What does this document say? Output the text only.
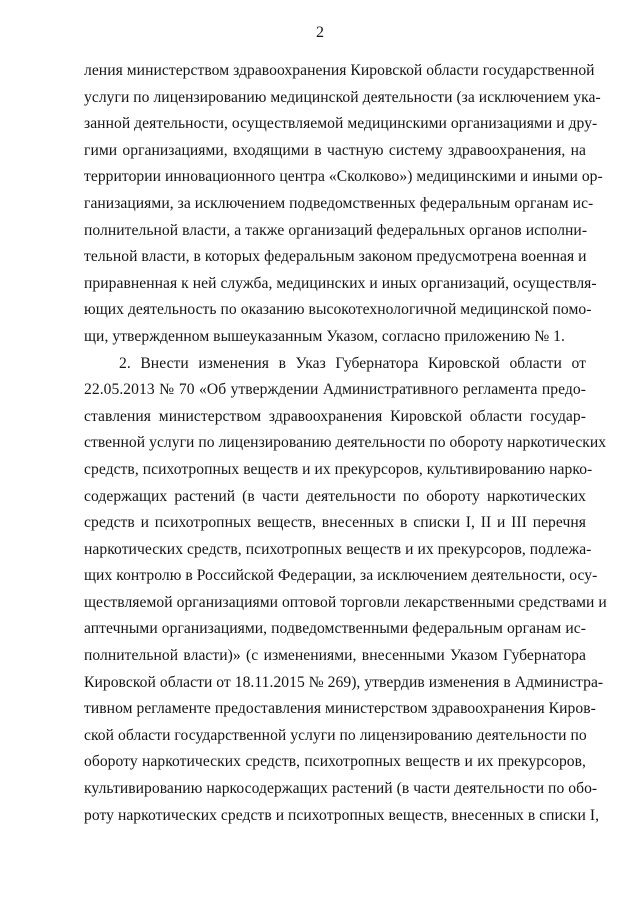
2
ления министерством здравоохранения Кировской области государственной
услуги по лицензированию медицинской деятельности (за исключением ука-
занной деятельности, осуществляемой медицинскими организациями и дру-
гими организациями, входящими в частную систему здравоохранения, на
территории инновационного центра «Сколково») медицинскими и иными ор-
ганизациями, за исключением подведомственных федеральным органам ис-
полнительной власти, а также организаций федеральных органов исполни-
тельной власти, в которых федеральным законом предусмотрена военная и
приравненная к ней служба, медицинских и иных организаций, осуществля-
ющих деятельность по оказанию высокотехнологичной медицинской помо-
щи, утвержденном вышеуказанным Указом, согласно приложению № 1.
2. Внести изменения в Указ Губернатора Кировской области от
22.05.2013 № 70 «Об утверждении Административного регламента предо-
ставления министерством здравоохранения Кировской области государ-
ственной услуги по лицензированию деятельности по обороту наркотических
средств, психотропных веществ и их прекурсоров, культивированию нарко-
содержащих растений (в части деятельности по обороту наркотических
средств и психотропных веществ, внесенных в списки I, II и III перечня
наркотических средств, психотропных веществ и их прекурсоров, подлежа-
щих контролю в Российской Федерации, за исключением деятельности, осу-
ществляемой организациями оптовой торговли лекарственными средствами и
аптечными организациями, подведомственными федеральным органам ис-
полнительной власти)» (с изменениями, внесенными Указом Губернатора
Кировской области от 18.11.2015 № 269), утвердив изменения в Администра-
тивном регламенте предоставления министерством здравоохранения Киров-
ской области государственной услуги по лицензированию деятельности по
обороту наркотических средств, психотропных веществ и их прекурсоров,
культивированию наркосодержащих растений (в части деятельности по обо-
роту наркотических средств и психотропных веществ, внесенных в списки I,
